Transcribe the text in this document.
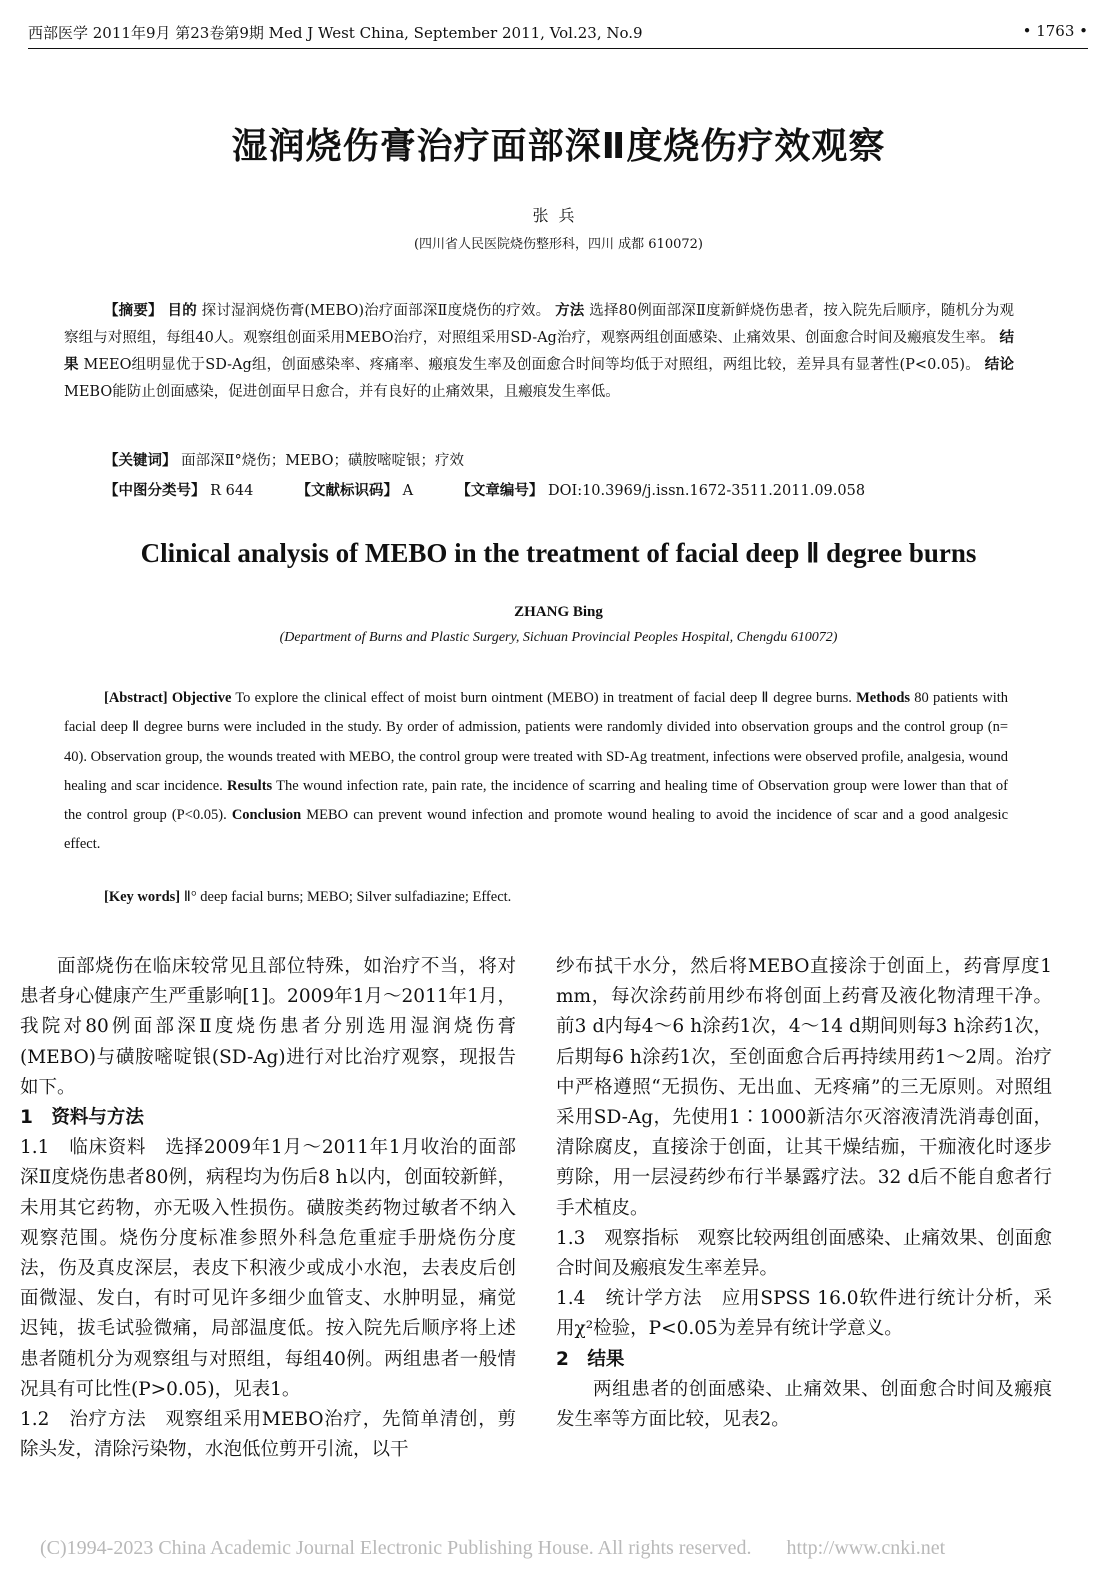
西部医学 2011年9月 第23卷第9期 Med J West China, September 2011, Vol.23, No.9	• 1763 •
湿润烧伤膏治疗面部深Ⅱ度烧伤疗效观察
张兵
(四川省人民医院烧伤整形科，四川 成都 610072)
【摘要】 目的 探讨湿润烧伤膏(MEBO)治疗面部深Ⅱ度烧伤的疗效。 方法 选择80例面部深Ⅱ度新鲜烧伤患者，按入院先后顺序，随机分为观察组与对照组，每组40人。观察组创面采用MEBO治疗，对照组采用SD-Ag治疗，观察两组创面感染、止痛效果、创面愈合时间及瘢痕发生率。 结果 MEEO组明显优于SD-Ag组，创面感染率、疼痛率、瘢痕发生率及创面愈合时间等均低于对照组，两组比较，差异具有显著性(P<0.05)。 结论 MEBO能防止创面感染，促进创面早日愈合，并有良好的止痛效果，且瘢痕发生率低。
【关键词】 面部深Ⅱ°烧伤；MEBO；磺胺嘧啶银；疗效
【中图分类号】 R 644	【文献标识码】 A	【文章编号】 DOI:10.3969/j.issn.1672-3511.2011.09.058
Clinical analysis of MEBO in the treatment of facial deep Ⅱ degree burns
ZHANG Bing
(Department of Burns and Plastic Surgery, Sichuan Provincial Peoples Hospital, Chengdu 610072)
[Abstract] Objective To explore the clinical effect of moist burn ointment (MEBO) in treatment of facial deep Ⅱ degree burns. Methods 80 patients with facial deep Ⅱ degree burns were included in the study. By order of admission, patients were randomly divided into observation groups and the control group (n= 40). Observation group, the wounds treated with MEBO, the control group were treated with SD-Ag treatment, infections were observed profile, analgesia, wound healing and scar incidence. Results The wound infection rate, pain rate, the incidence of scarring and healing time of Observation group were lower than that of the control group (P<0.05). Conclusion MEBO can prevent wound infection and promote wound healing to avoid the incidence of scar and a good analgesic effect.
[Key words] Ⅱ° deep facial burns; MEBO; Silver sulfadiazine; Effect.

面部烧伤在临床较常见且部位特殊，如治疗不当，将对患者身心健康产生严重影响[1]。2009年1月～2011年1月，我院对80例面部深Ⅱ度烧伤患者分别选用湿润烧伤膏(MEBO)与磺胺嘧啶银(SD-Ag)进行对比治疗观察，现报告如下。

1　资料与方法

1.1　临床资料　选择2009年1月～2011年1月收治的面部深Ⅱ度烧伤患者80例，病程均为伤后8 h以内，创面较新鲜，未用其它药物，亦无吸入性损伤。磺胺类药物过敏者不纳入观察范围。烧伤分度标准参照外科急危重症手册烧伤分度法，伤及真皮深层，表皮下积液少或成小水泡，去表皮后创面微湿、发白，有时可见许多细少血管支、水肿明显，痛觉迟钝，拔毛试验微痛，局部温度低。按入院先后顺序将上述患者随机分为观察组与对照组，每组40例。两组患者一般情况具有可比性(P>0.05)，见表1。

1.2　治疗方法　观察组采用MEBO治疗，先简单清创，剪除头发，清除污染物，水泡低位剪开引流，以干

纱布拭干水分，然后将MEBO直接涂于创面上，药膏厚度1 mm，每次涂药前用纱布将创面上药膏及液化物清理干净。前3 d内每4～6 h涂药1次，4～14 d期间则每3 h涂药1次，后期每6 h涂药1次，至创面愈合后再持续用药1～2周。治疗中严格遵照“无损伤、无出血、无疼痛”的三无原则。对照组采用SD-Ag，先使用1∶1000新洁尔灭溶液清洗消毒创面，清除腐皮，直接涂于创面，让其干燥结痂，干痂液化时逐步剪除，用一层浸药纱布行半暴露疗法。32 d后不能自愈者行手术植皮。

1.3　观察指标　观察比较两组创面感染、止痛效果、创面愈合时间及瘢痕发生率差异。

1.4　统计学方法　应用SPSS 16.0软件进行统计分析，采用χ²检验，P<0.05为差异有统计学意义。

2　结果

两组患者的创面感染、止痛效果、创面愈合时间及瘢痕发生率等方面比较，见表2。

(C)1994-2023 China Academic Journal Electronic Publishing House. All rights reserved. http://www.cnki.net
